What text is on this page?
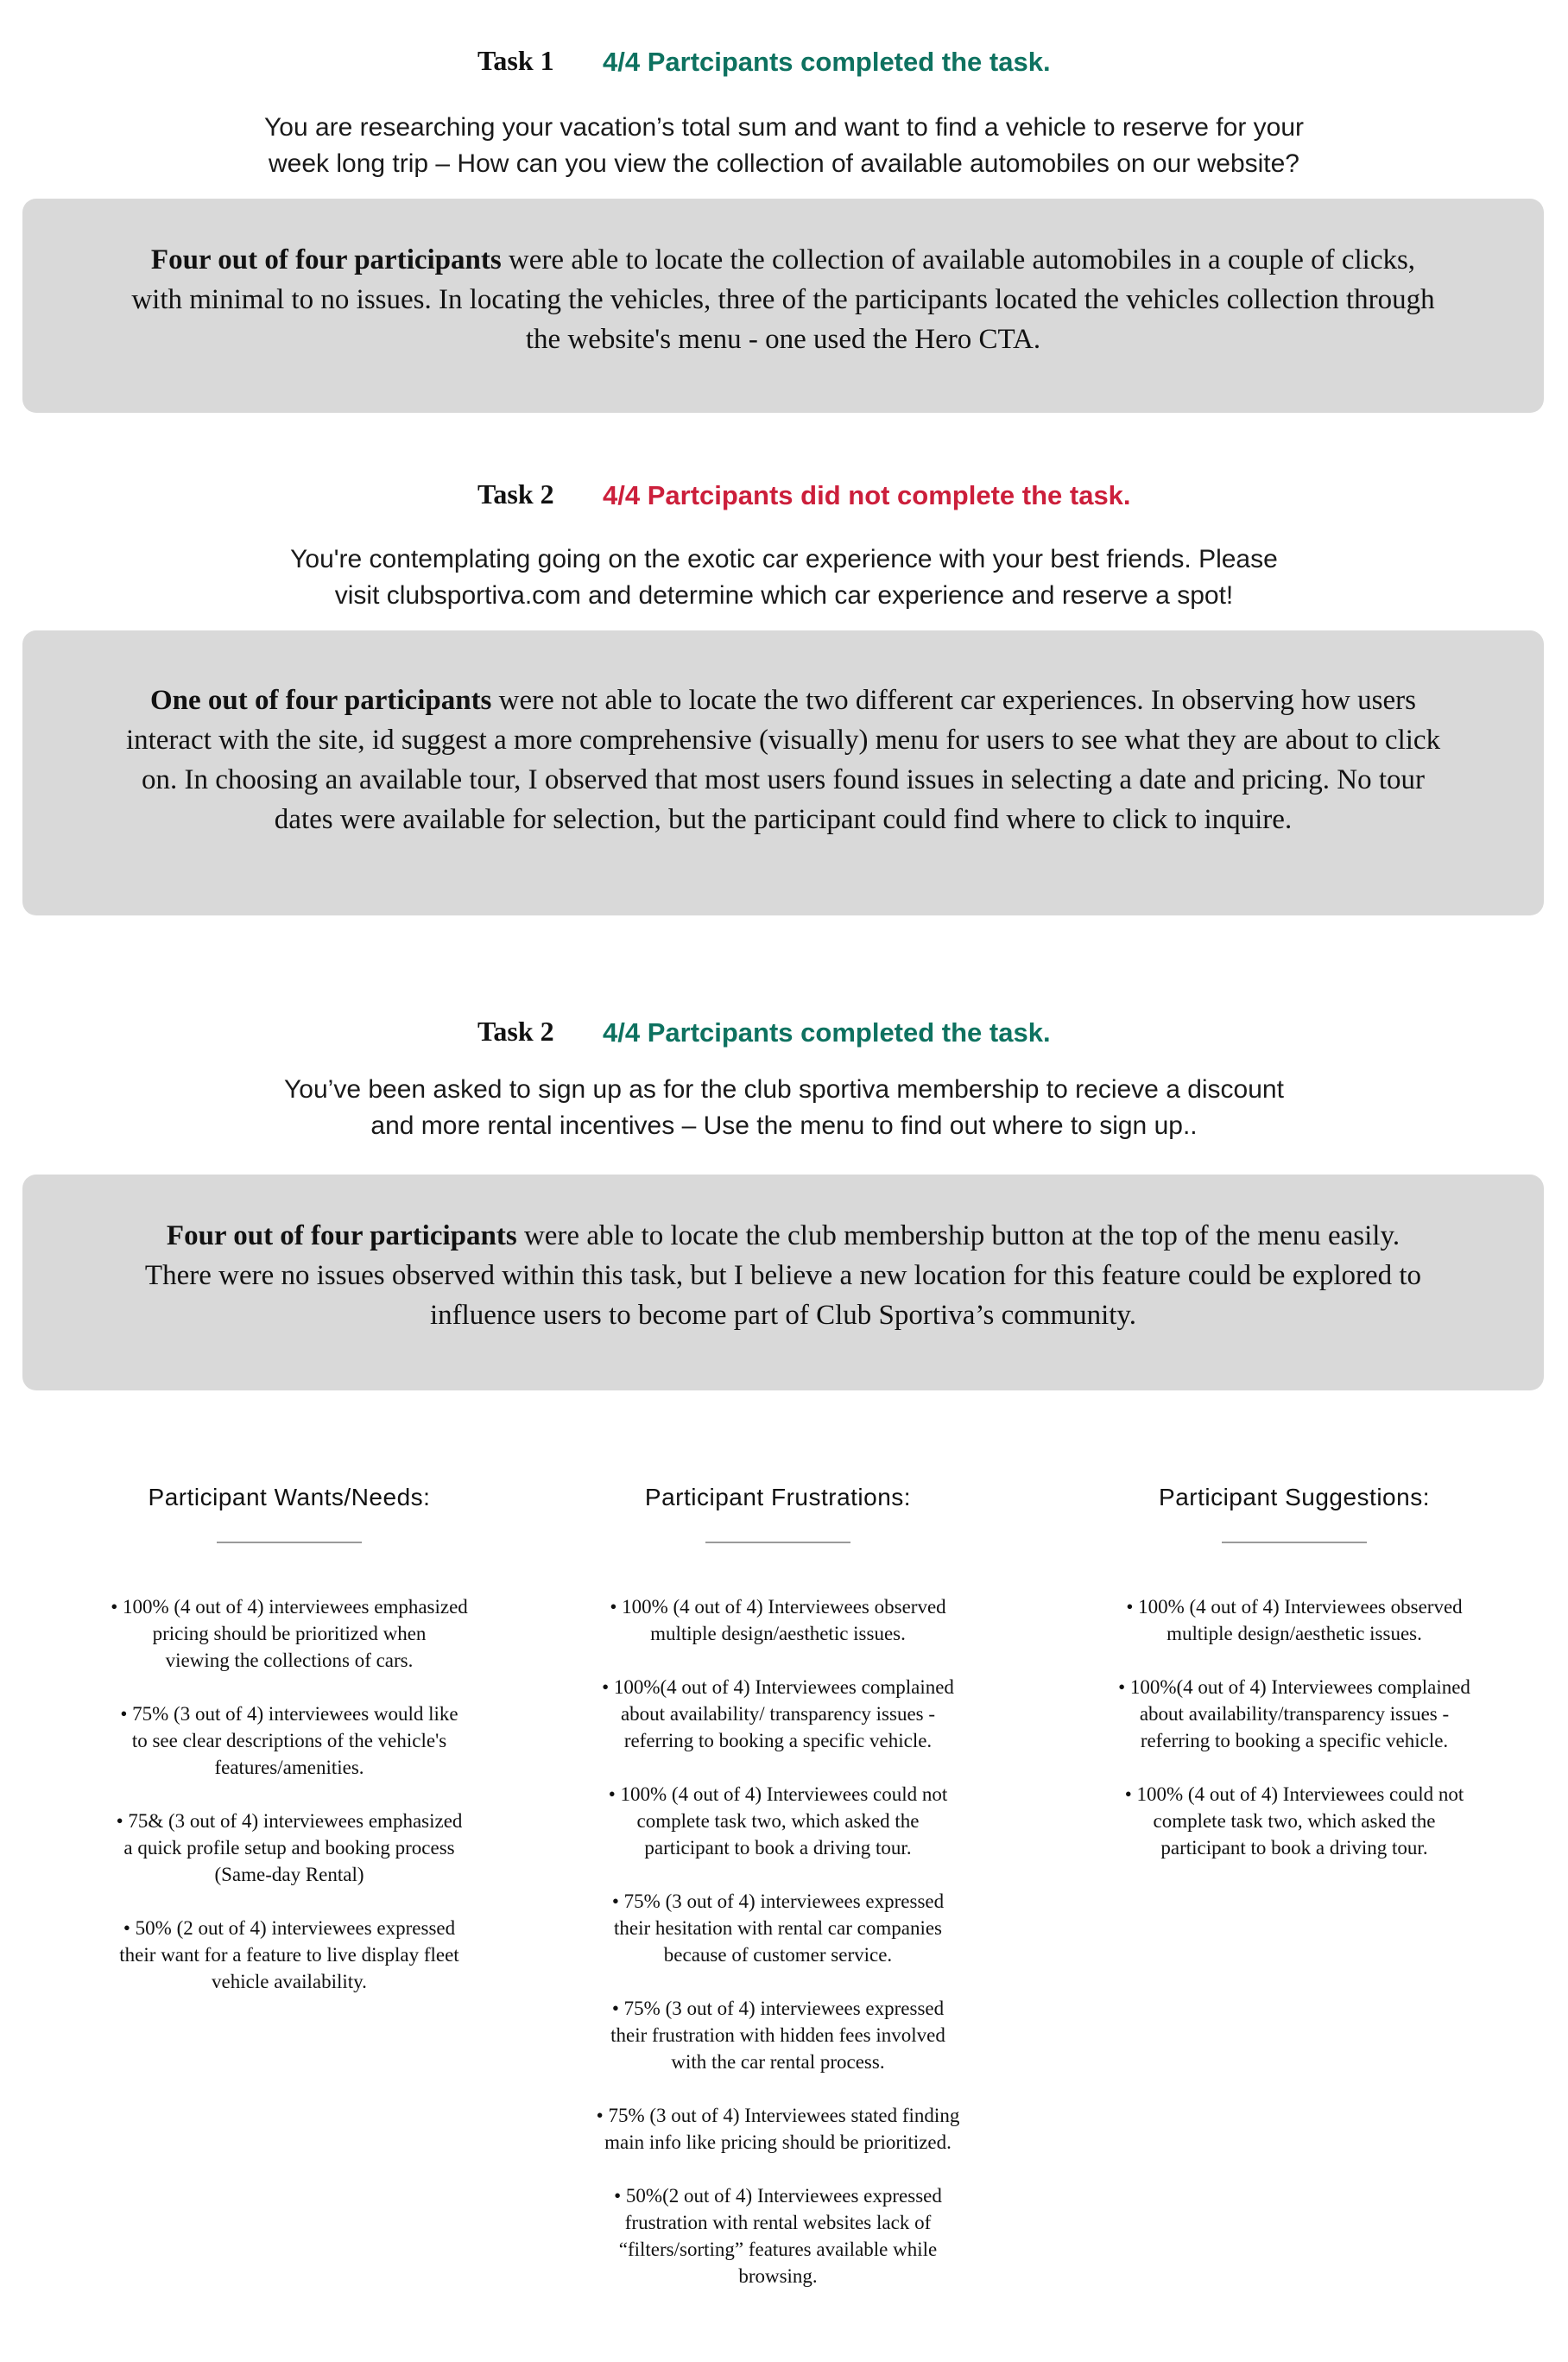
Task 1 4/4 Partcipants completed the task.
You are researching your vacation’s total sum and want to find a vehicle to reserve for your
week long trip – How can you view the collection of available automobiles on our website?
Four out of four participants were able to locate the collection of available automobiles in a couple of clicks,
with minimal to no issues. In locating the vehicles, three of the participants located the vehicles collection through
the website's menu - one used the Hero CTA.
Task 2 4/4 Partcipants did not complete the task.
You're contemplating going on the exotic car experience with your best friends. Please
visit clubsportiva.com and determine which car experience and reserve a spot!
One out of four participants were not able to locate the two different car experiences. In observing how users
interact with the site, id suggest a more comprehensive (visually) menu for users to see what they are about to click
on. In choosing an available tour, I observed that most users found issues in selecting a date and pricing. No tour
dates were available for selection, but the participant could find where to click to inquire.
Task 2 4/4 Partcipants completed the task.
You’ve been asked to sign up as for the club sportiva membership to recieve a discount
and more rental incentives – Use the menu to find out where to sign up..
Four out of four participants were able to locate the club membership button at the top of the menu easily.
There were no issues observed within this task, but I believe a new location for this feature could be explored to
influence users to become part of Club Sportiva’s community.
Participant Wants/Needs:
• 100% (4 out of 4) interviewees emphasized
pricing should be prioritized when
viewing the collections of cars.
• 75% (3 out of 4) interviewees would like
to see clear descriptions of the vehicle's
features/amenities.
• 75& (3 out of 4) interviewees emphasized
a quick profile setup and booking process
(Same-day Rental)
• 50% (2 out of 4) interviewees expressed
their want for a feature to live display fleet
vehicle availability.
Participant Frustrations:
• 100% (4 out of 4) Interviewees observed
multiple design/aesthetic issues.
• 100%(4 out of 4) Interviewees complained
about availability/ transparency issues -
referring to booking a specific vehicle.
• 100% (4 out of 4) Interviewees could not
complete task two, which asked the
participant to book a driving tour.
• 75% (3 out of 4) interviewees expressed
their hesitation with rental car companies
because of customer service.
• 75% (3 out of 4) interviewees expressed
their frustration with hidden fees involved
with the car rental process.
• 75% (3 out of 4) Interviewees stated finding
main info like pricing should be prioritized.
• 50%(2 out of 4) Interviewees expressed
frustration with rental websites lack of
“filters/sorting” features available while
browsing.
Participant Suggestions:
• 100% (4 out of 4) Interviewees observed
multiple design/aesthetic issues.
• 100%(4 out of 4) Interviewees complained
about availability/transparency issues -
referring to booking a specific vehicle.
• 100% (4 out of 4) Interviewees could not
complete task two, which asked the
participant to book a driving tour.
